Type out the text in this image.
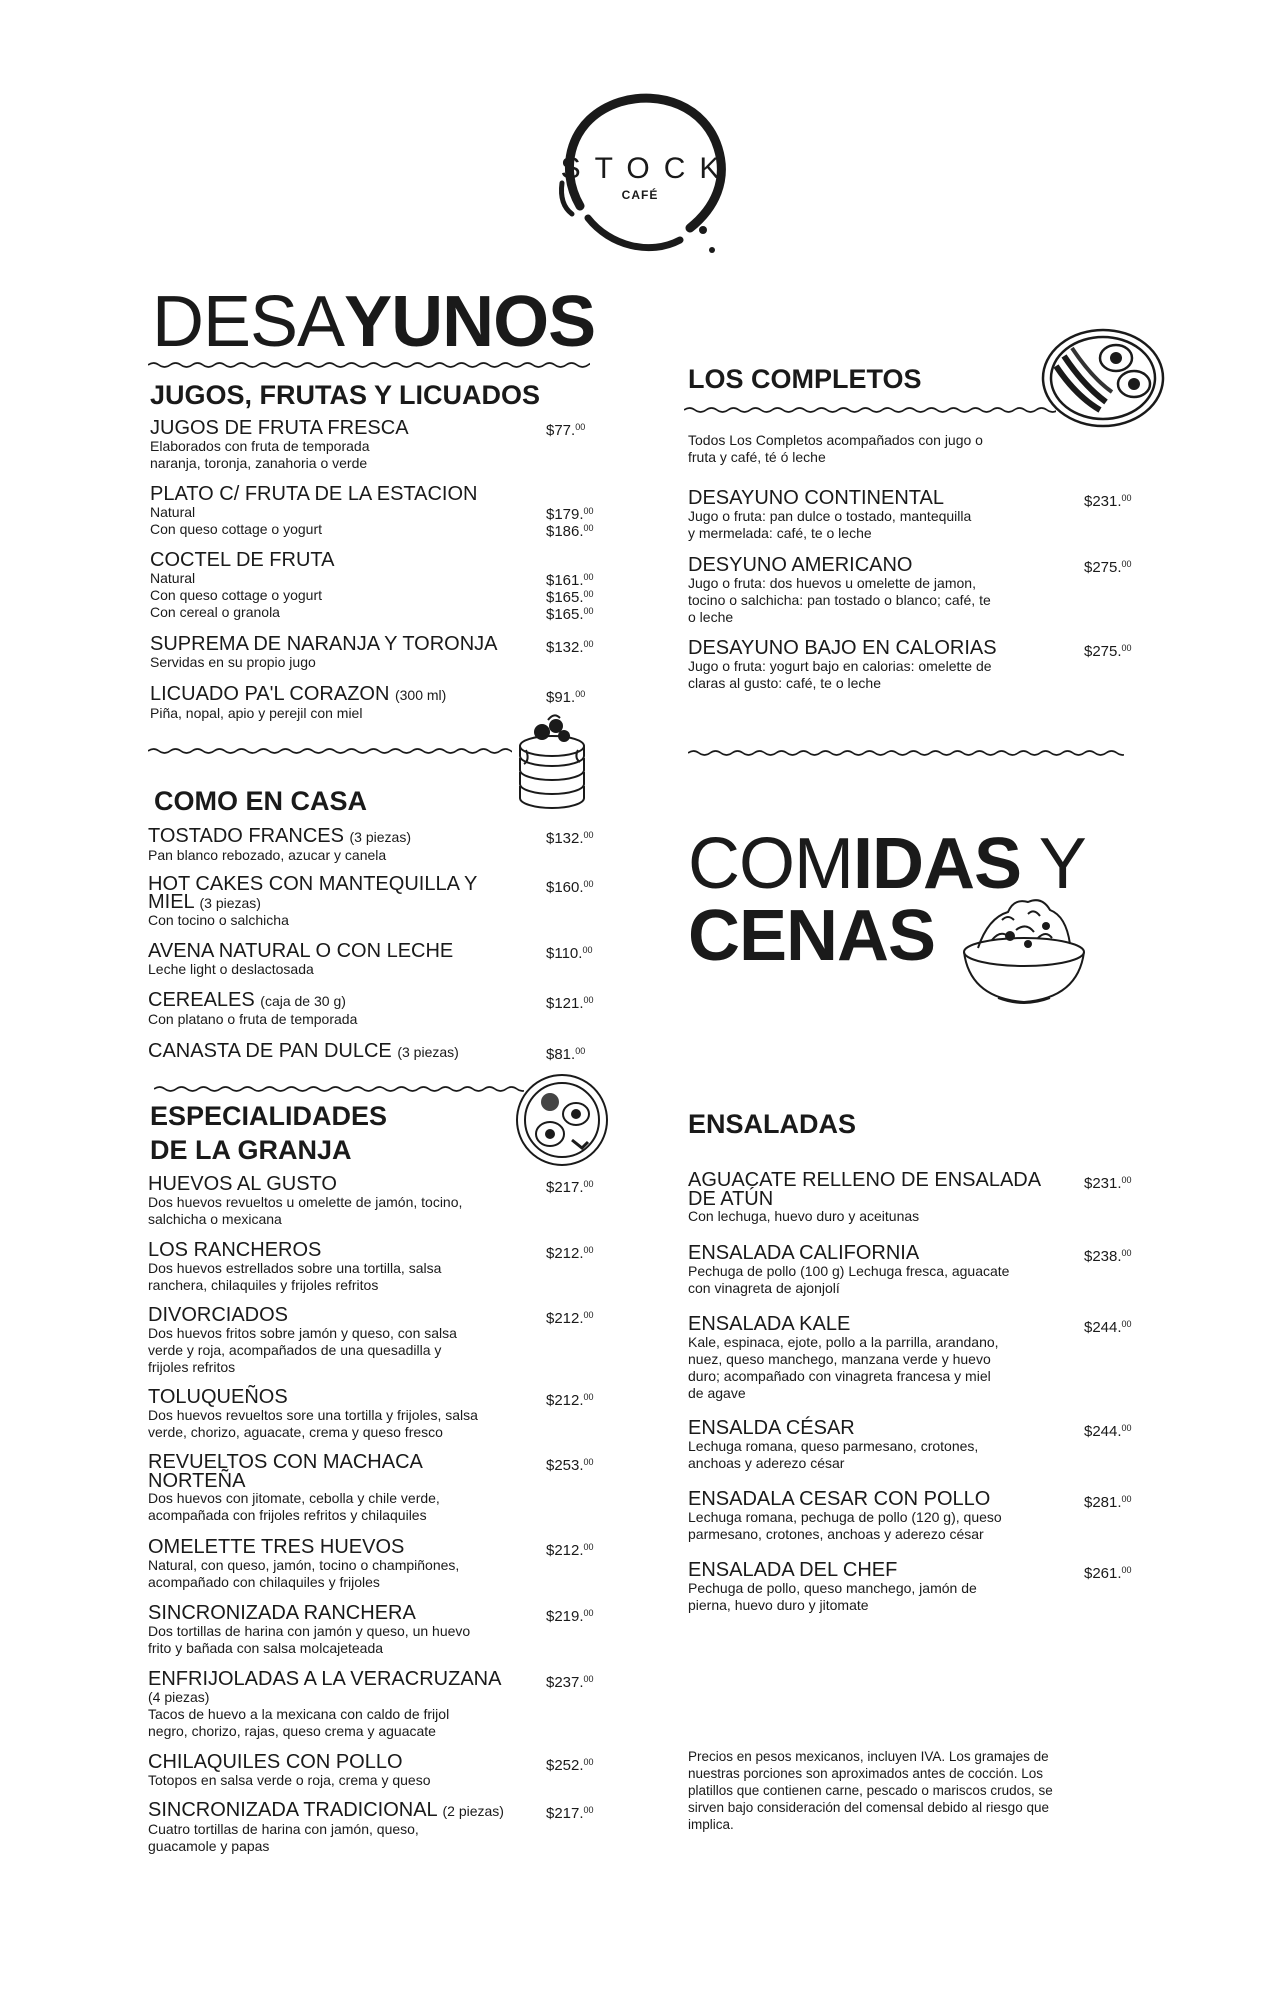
STOCK
CAFÉ
DESAYUNOS
JUGOS, FRUTAS Y LICUADOS
JUGOS DE FRUTA FRESCA
Elaborados con fruta de temporada
naranja, toronja, zanahoria o verde
$77.00
PLATO C/ FRUTA DE LA ESTACION
Natural
Con queso cottage o yogurt
$179.00
$186.00
COCTEL DE FRUTA
Natural
Con queso cottage o yogurt
Con cereal o granola
$161.00
$165.00
$165.00
SUPREMA DE NARANJA Y TORONJA
Servidas en su propio jugo
$132.00
LICUADO PA'L CORAZON (300 ml)
Piña, nopal, apio y perejil con miel
$91.00
COMO EN CASA
TOSTADO FRANCES (3 piezas)
Pan blanco rebozado, azucar y canela
$132.00
HOT CAKES CON MANTEQUILLA Y
MIEL (3 piezas)
Con tocino o salchicha
$160.00
AVENA NATURAL O CON LECHE
Leche light o deslactosada
$110.00
CEREALES (caja de 30 g)
Con platano o fruta de temporada
$121.00
CANASTA DE PAN DULCE (3 piezas)	$81.00
ESPECIALIDADES
DE LA GRANJA
HUEVOS AL GUSTO
Dos huevos revueltos u omelette de jamón, tocino,
salchicha o mexicana
$217.00
LOS RANCHEROS
Dos huevos estrellados sobre una tortilla, salsa
ranchera, chilaquiles y frijoles refritos
$212.00
DIVORCIADOS
Dos huevos fritos sobre jamón y queso, con salsa
verde y roja, acompañados de una quesadilla y
frijoles refritos
$212.00
TOLUQUEÑOS
Dos huevos revueltos sore una tortilla y frijoles, salsa
verde, chorizo, aguacate, crema y queso fresco
$212.00
REVUELTOS CON MACHACA
NORTEÑA
Dos huevos con jitomate, cebolla y chile verde,
acompañada con frijoles refritos y chilaquiles
$253.00
OMELETTE TRES HUEVOS
Natural, con queso, jamón, tocino o champiñones,
acompañado con chilaquiles y frijoles
$212.00
SINCRONIZADA RANCHERA
Dos tortillas de harina con jamón y queso, un huevo
frito y bañada con salsa molcajeteada
$219.00
ENFRIJOLADAS A LA VERACRUZANA
(4 piezas)
Tacos de huevo a la mexicana con caldo de frijol
negro, chorizo, rajas, queso crema y aguacate
$237.00
CHILAQUILES CON POLLO
Totopos en salsa verde o roja, crema y queso
$252.00
SINCRONIZADA TRADICIONAL (2 piezas)
Cuatro tortillas de harina con jamón, queso,
guacamole y papas
$217.00
LOS COMPLETOS
Todos Los Completos acompañados con jugo o
fruta y café, té ó leche
DESAYUNO CONTINENTAL
Jugo o fruta: pan dulce o tostado, mantequilla
y mermelada: café, te o leche
$231.00
DESYUNO AMERICANO
Jugo o fruta: dos huevos u omelette de jamon,
tocino o salchicha: pan tostado o blanco; café, te
o leche
$275.00
DESAYUNO BAJO EN CALORIAS
Jugo o fruta: yogurt bajo en calorias: omelette de
claras al gusto: café, te o leche
$275.00
COMIDAS Y
CENAS
ENSALADAS
AGUACATE RELLENO DE ENSALADA
DE ATÚN
Con lechuga, huevo duro y aceitunas
$231.00
ENSALADA CALIFORNIA
Pechuga de pollo (100 g) Lechuga fresca, aguacate
con vinagreta de ajonjolí
$238.00
ENSALADA KALE
Kale, espinaca, ejote, pollo a la parrilla, arandano,
nuez, queso manchego, manzana verde y huevo
duro; acompañado con vinagreta francesa y miel
de agave
$244.00
ENSALDA CÉSAR
Lechuga romana, queso parmesano, crotones,
anchoas y aderezo césar
$244.00
ENSADALA CESAR CON POLLO
Lechuga romana, pechuga de pollo (120 g), queso
parmesano, crotones, anchoas y aderezo césar
$281.00
ENSALADA DEL CHEF
Pechuga de pollo, queso manchego, jamón de
pierna, huevo duro y jitomate
$261.00
Precios en pesos mexicanos, incluyen IVA. Los gramajes de
nuestras porciones son aproximados antes de cocción. Los
platillos que contienen carne, pescado o mariscos crudos, se
sirven bajo consideración del comensal debido al riesgo que
implica.
